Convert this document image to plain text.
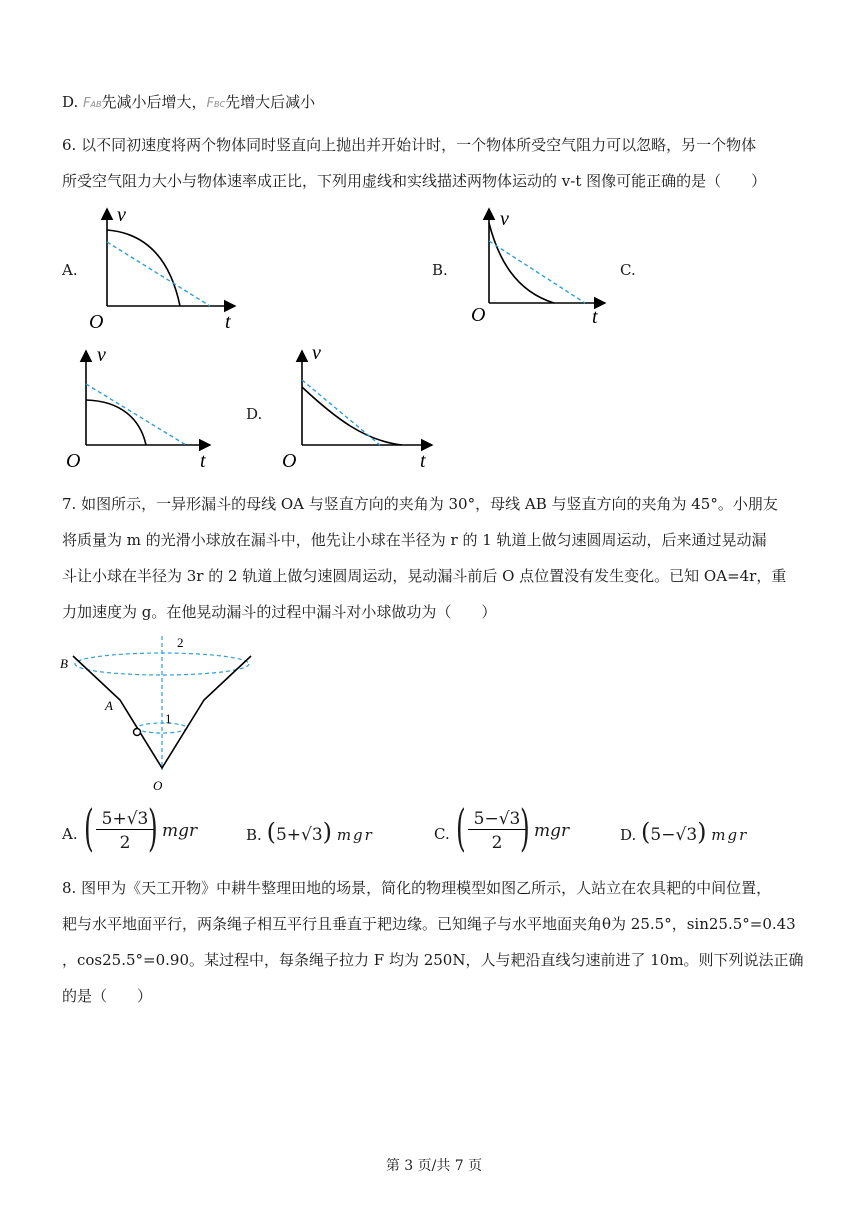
D. FAB先减小后增大，FBC先增大后减小
6. 以不同初速度将两个物体同时竖直向上抛出并开始计时，一个物体所受空气阻力可以忽略，另一个物体
所受空气阻力大小与物体速率成正比，下列用虚线和实线描述两物体运动的 v-t 图像可能正确的是（　　）
A.	B.	C.
D.
v
t
O
v
t
O
v
t
O
v
t
O
7. 如图所示，一异形漏斗的母线 OA 与竖直方向的夹角为 30°，母线 AB 与竖直方向的夹角为 45°。小朋友
将质量为 m 的光滑小球放在漏斗中，他先让小球在半径为 r 的 1 轨道上做匀速圆周运动，后来通过晃动漏
斗让小球在半径为 3r 的 2 轨道上做匀速圆周运动，晃动漏斗前后 O 点位置没有发生变化。已知 OA=4r，重
力加速度为 g。在他晃动漏斗的过程中漏斗对小球做功为（　　）
2
1
B
A
O
A. ( 5+√3
2 ) mgr	B. (5+√3) mgr	C. ( 5−√3
2 ) mgr	D. (5−√3) mgr
8. 图甲为《天工开物》中耕牛整理田地的场景，简化的物理模型如图乙所示，人站立在农具耙的中间位置，
耙与水平地面平行，两条绳子相互平行且垂直于耙边缘。已知绳子与水平地面夹角θ为 25.5°，sin25.5°=0.43
，cos25.5°=0.90。某过程中，每条绳子拉力 F 均为 250N，人与耙沿直线匀速前进了 10m。则下列说法正确
的是（　　）
第 3 页/共 7 页
